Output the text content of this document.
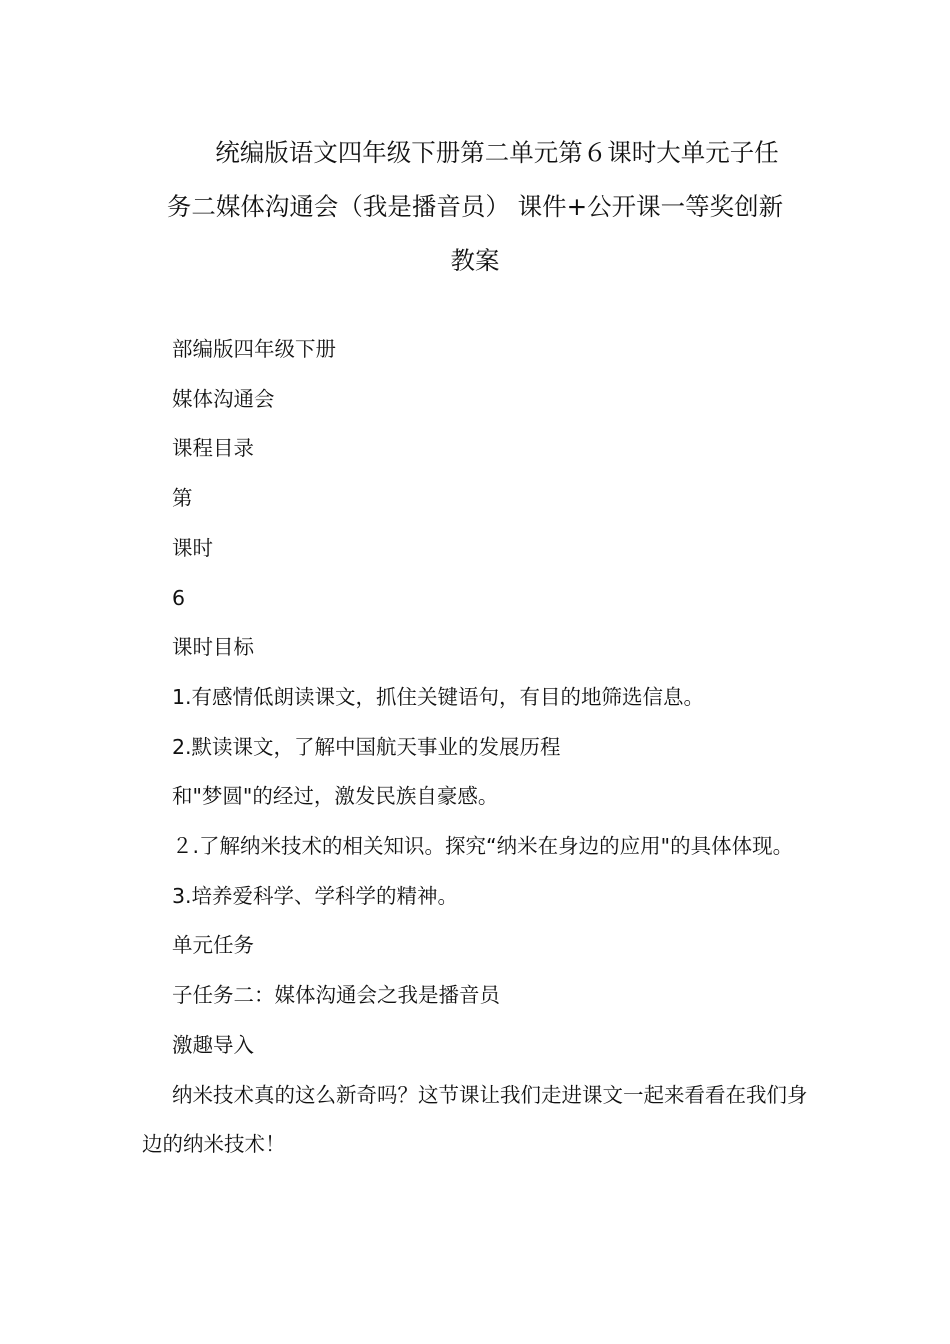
统编版语文四年级下册第二单元第６课时大单元子任
务二媒体沟通会（我是播音员） 课件+公开课一等奖创新
教案

部编版四年级下册

媒体沟通会

课程目录

第

课时

6

课时目标

1.有感情低朗读课文，抓住关键语句，有目的地筛选信息。

2.默读课文，了解中国航天事业的发展历程

和"梦圆"的经过，激发民族自豪感。

２.了解纳米技术的相关知识。探究“纳米在身边的应用"的具体体现。

3.培养爱科学、学科学的精神。

单元任务

子任务二：媒体沟通会之我是播音员

激趣导入

纳米技术真的这么新奇吗？这节课让我们走进课文一起来看看在我们身边的纳米技术！
